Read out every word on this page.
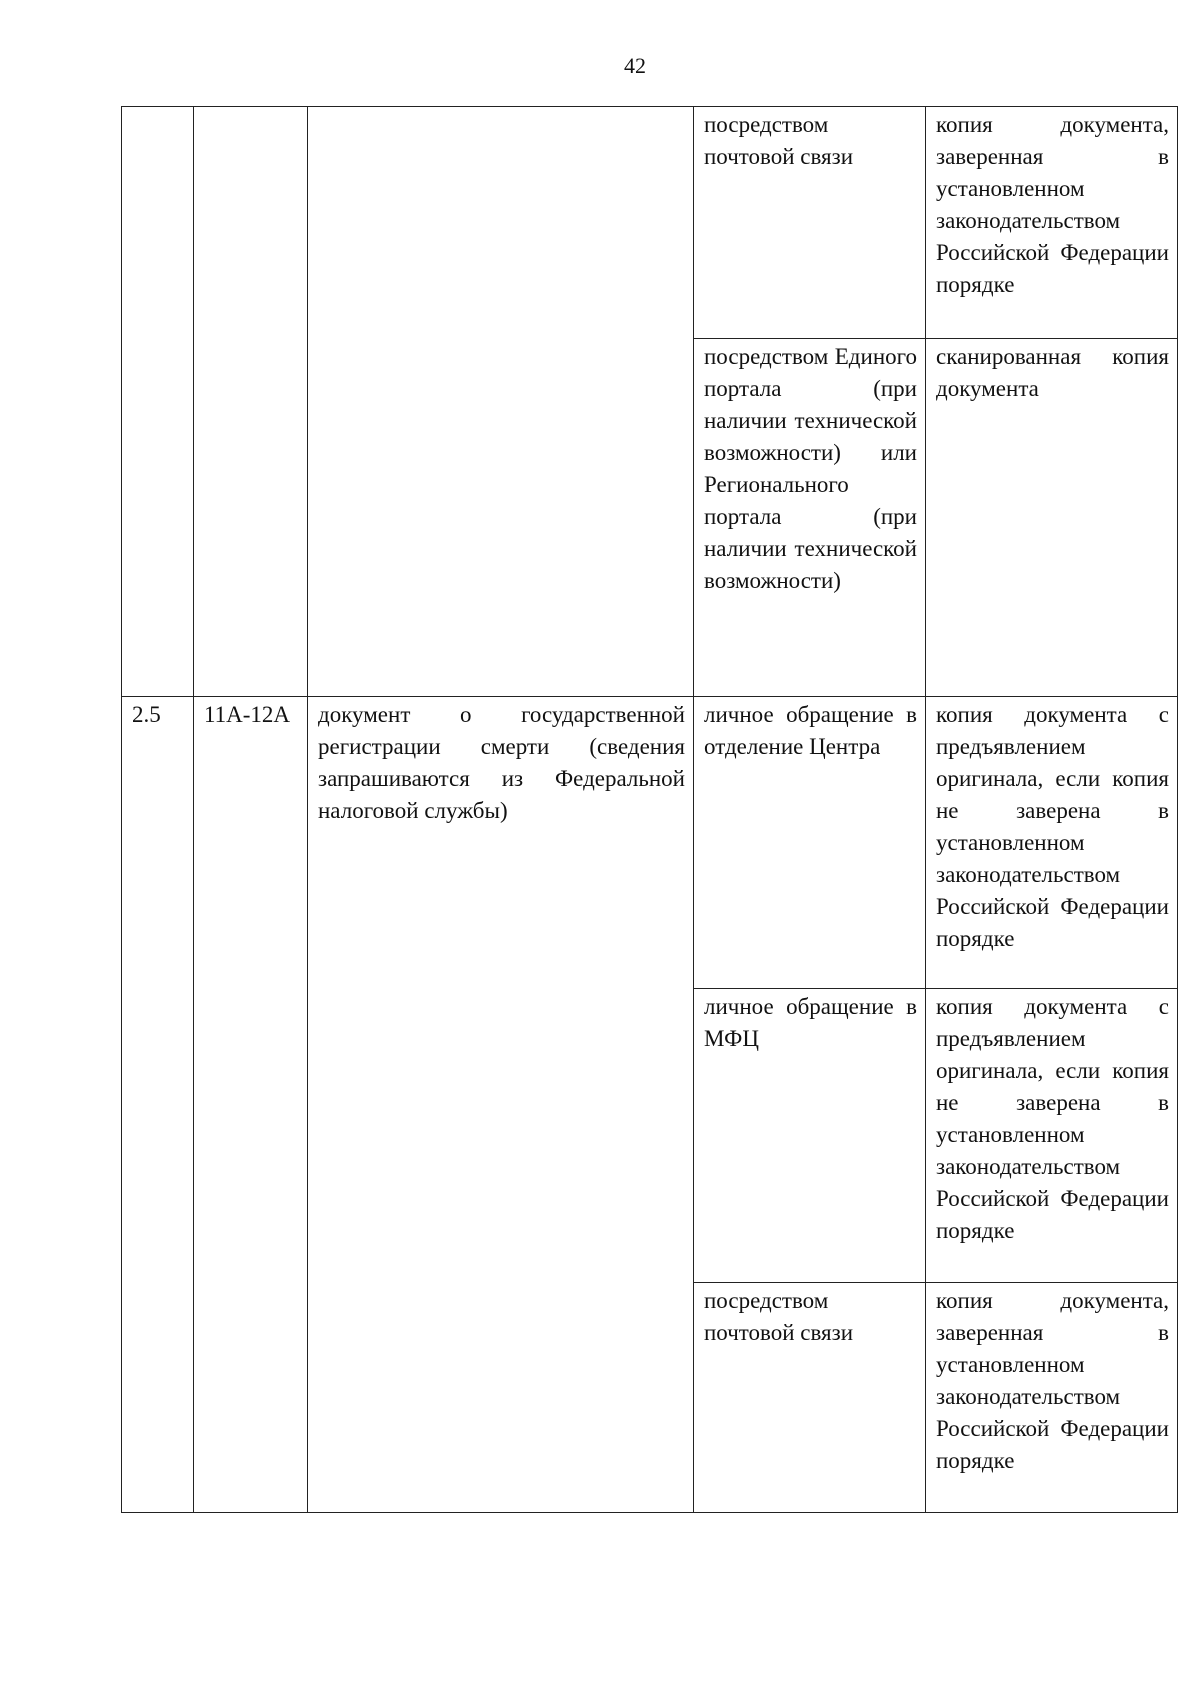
42

			посредством почтовой связи	копия документа, заверенная в установленном законодательством Российской Федерации порядке

			посредством Единого портала (при наличии технической возможности) или Регионального портала (при наличии технической возможности)	сканированная копия документа

2.5	11А-12А	документ о государственной регистрации смерти (сведения запрашиваются из Федеральной налоговой службы)	личное обращение в отделение Центра	копия документа с предъявлением оригинала, если копия не заверена в установленном законодательством Российской Федерации порядке

			личное обращение в МФЦ	копия документа с предъявлением оригинала, если копия не заверена в установленном законодательством Российской Федерации порядке

			посредством почтовой связи	копия документа, заверенная в установленном законодательством Российской Федерации порядке
